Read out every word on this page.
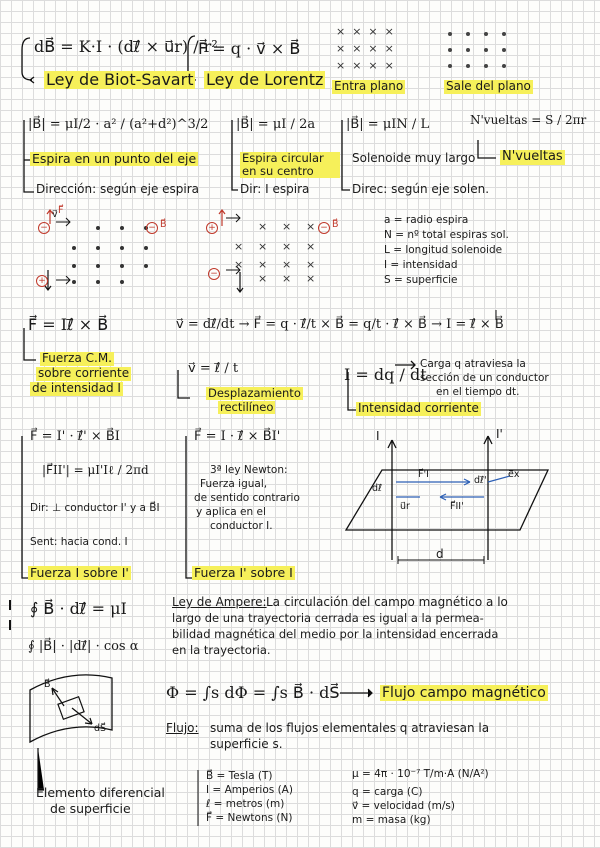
dB⃗ = K·I · (dℓ⃗ × u⃗r) / r²
Ley de Biot-Savart
F⃗ = q · v⃗ × B⃗
Ley de Lorentz
×  ×  ×  ×
×  ×  ×  ×
×  ×  ×  ×
Entra plano	Sale del plano
|B⃗| = μI/2 · a² / (a²+d²)^3/2
Espira en un punto del eje
Dirección: según eje espira
|B⃗| = μI / 2a
Espira circular en su centro
Dir: I espira
|B⃗| = μIN / L
Solenoide muy largo
Direc: según eje solen.
N'vueltas = S / 2πr
N'vueltas
−
v⃗ F⃗
− B⃗
+
+	× × × − B⃗
× × × ×
× × × ×
−	× × ×
a = radio espira
N = nº total espiras sol.
L = longitud solenoide
I = intensidad
S = superficie
F⃗ = Iℓ⃗ × B⃗
Fuerza C.M.
sobre corriente
de intensidad I
v⃗ = dℓ⃗/dt → F⃗ = q · ℓ⃗/t × B⃗ = q/t · ℓ⃗ × B⃗ → I = ℓ⃗ × B⃗
v⃗ = ℓ⃗ / t
Desplazamiento
rectilíneo
I = dq / dt
Carga q atraviesa la
sección de un conductor
en el tiempo dt.
Intensidad corriente
F⃗ = I' · ℓ⃗' × B⃗I
|F⃗II'| = μI'Iℓ / 2πd
Dir: ⊥ conductor I' y a B⃗I
Sent: hacia cond. I
Fuerza I sobre I'
F⃗ = I · ℓ⃗ × B⃗I'
3ª ley Newton:
Fuerza igual,
de sentido contrario
y aplica en el
conductor I.
Fuerza I' sobre I
I	I'
dℓ⃗
dℓ⃗'
F⃗'I
F⃗II'
u⃗r
e⃗x
d
∮ B⃗ · dℓ⃗ = μI
∮ |B⃗| · |dℓ⃗| · cos α
Ley de Ampere: La circulación del campo magnético a lo
largo de una trayectoria cerrada es igual a la permea-
bilidad magnética del medio por la intensidad encerrada
en la trayectoria.
Φ = ∫s dΦ = ∫s B⃗ · dS⃗	Flujo campo magnético
Flujo: suma de los flujos elementales q atraviesan la
superficie s.
B⃗
dS⃗
Elemento diferencial
de superficie
B⃗ = Tesla (T)
I = Amperios (A)
ℓ = metros (m)
F⃗ = Newtons (N)
μ = 4π · 10⁻⁷ T/m·A (N/A²)
q = carga (C)
v⃗ = velocidad (m/s)
m = masa (kg)
